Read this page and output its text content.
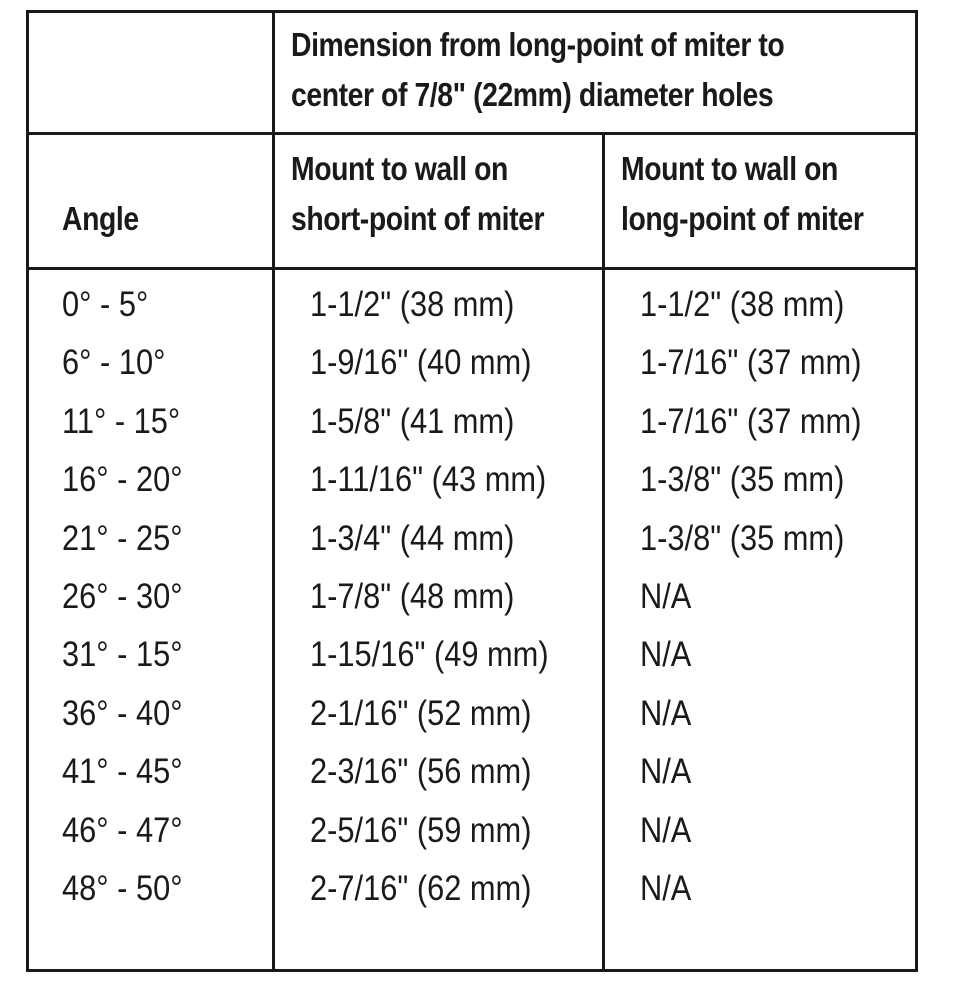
Dimension from long-point of miter to
center of 7/8" (22mm) diameter holes
Angle
Mount to wall on
short-point of miter
Mount to wall on
long-point of miter
0° - 5°
6° - 10°
11° - 15°
16° - 20°
21° - 25°
26° - 30°
31° - 15°
36° - 40°
41° - 45°
46° - 47°
48° - 50°
1-1/2" (38 mm)
1-9/16" (40 mm)
1-5/8" (41 mm)
1-11/16" (43 mm)
1-3/4" (44 mm)
1-7/8" (48 mm)
1-15/16" (49 mm)
2-1/16" (52 mm)
2-3/16" (56 mm)
2-5/16" (59 mm)
2-7/16" (62 mm)
1-1/2" (38 mm)
1-7/16" (37 mm)
1-7/16" (37 mm)
1-3/8" (35 mm)
1-3/8" (35 mm)
N/A
N/A
N/A
N/A
N/A
N/A
